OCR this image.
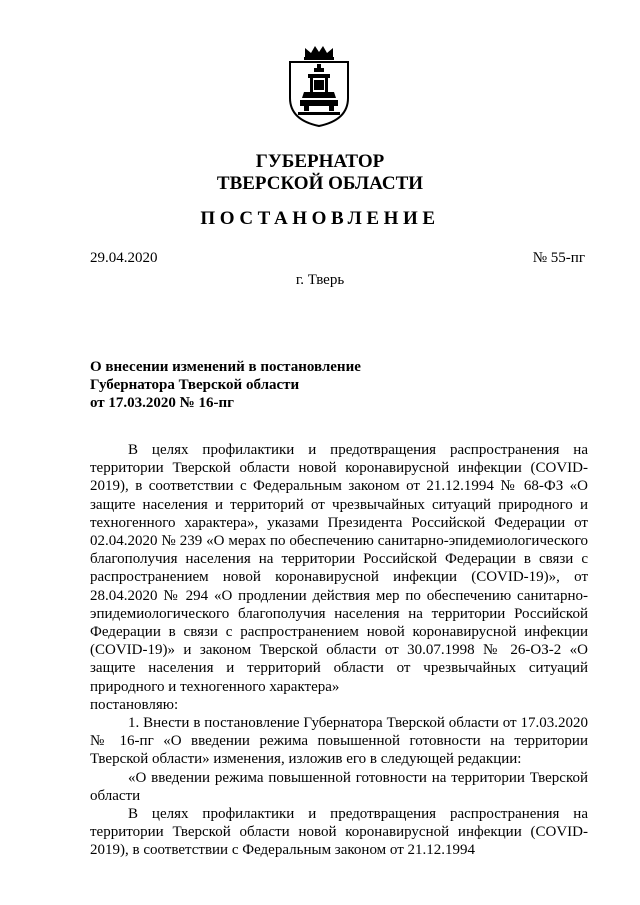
ГУБЕРНАТОР
ТВЕРСКОЙ ОБЛАСТИ
ПОСТАНОВЛЕНИЕ
29.04.2020	№ 55-пг
г. Тверь
О внесении изменений в постановление
Губернатора Тверской области
от 17.03.2020 № 16-пг

В целях профилактики и предотвращения распространения на территории Тверской области новой коронавирусной инфекции (COVID-2019), в соответствии с Федеральным законом от 21.12.1994 № 68-ФЗ «О защите населения и территорий от чрезвычайных ситуаций природного и техногенного характера», указами Президента Российской Федерации от 02.04.2020 № 239 «О мерах по обеспечению санитарно-эпидемиологического благополучия населения на территории Российской Федерации в связи с распространением новой коронавирусной инфекции (COVID-19)», от 28.04.2020 № 294 «О продлении действия мер по обеспечению санитарно-эпидемиологического благополучия населения на территории Российской Федерации в связи с распространением новой коронавирусной инфекции (COVID-19)» и законом Тверской области от 30.07.1998 № 26-ОЗ-2 «О защите населения и территорий области от чрезвычайных ситуаций природного и техногенного характера»

постановляю:

1. Внести в постановление Губернатора Тверской области от 17.03.2020 № 16-пг «О введении режима повышенной готовности на территории Тверской области» изменения, изложив его в следующей редакции:

«О введении режима повышенной готовности на территории Тверской области

В целях профилактики и предотвращения распространения на территории Тверской области новой коронавирусной инфекции (COVID-2019), в соответствии с Федеральным законом от 21.12.1994
